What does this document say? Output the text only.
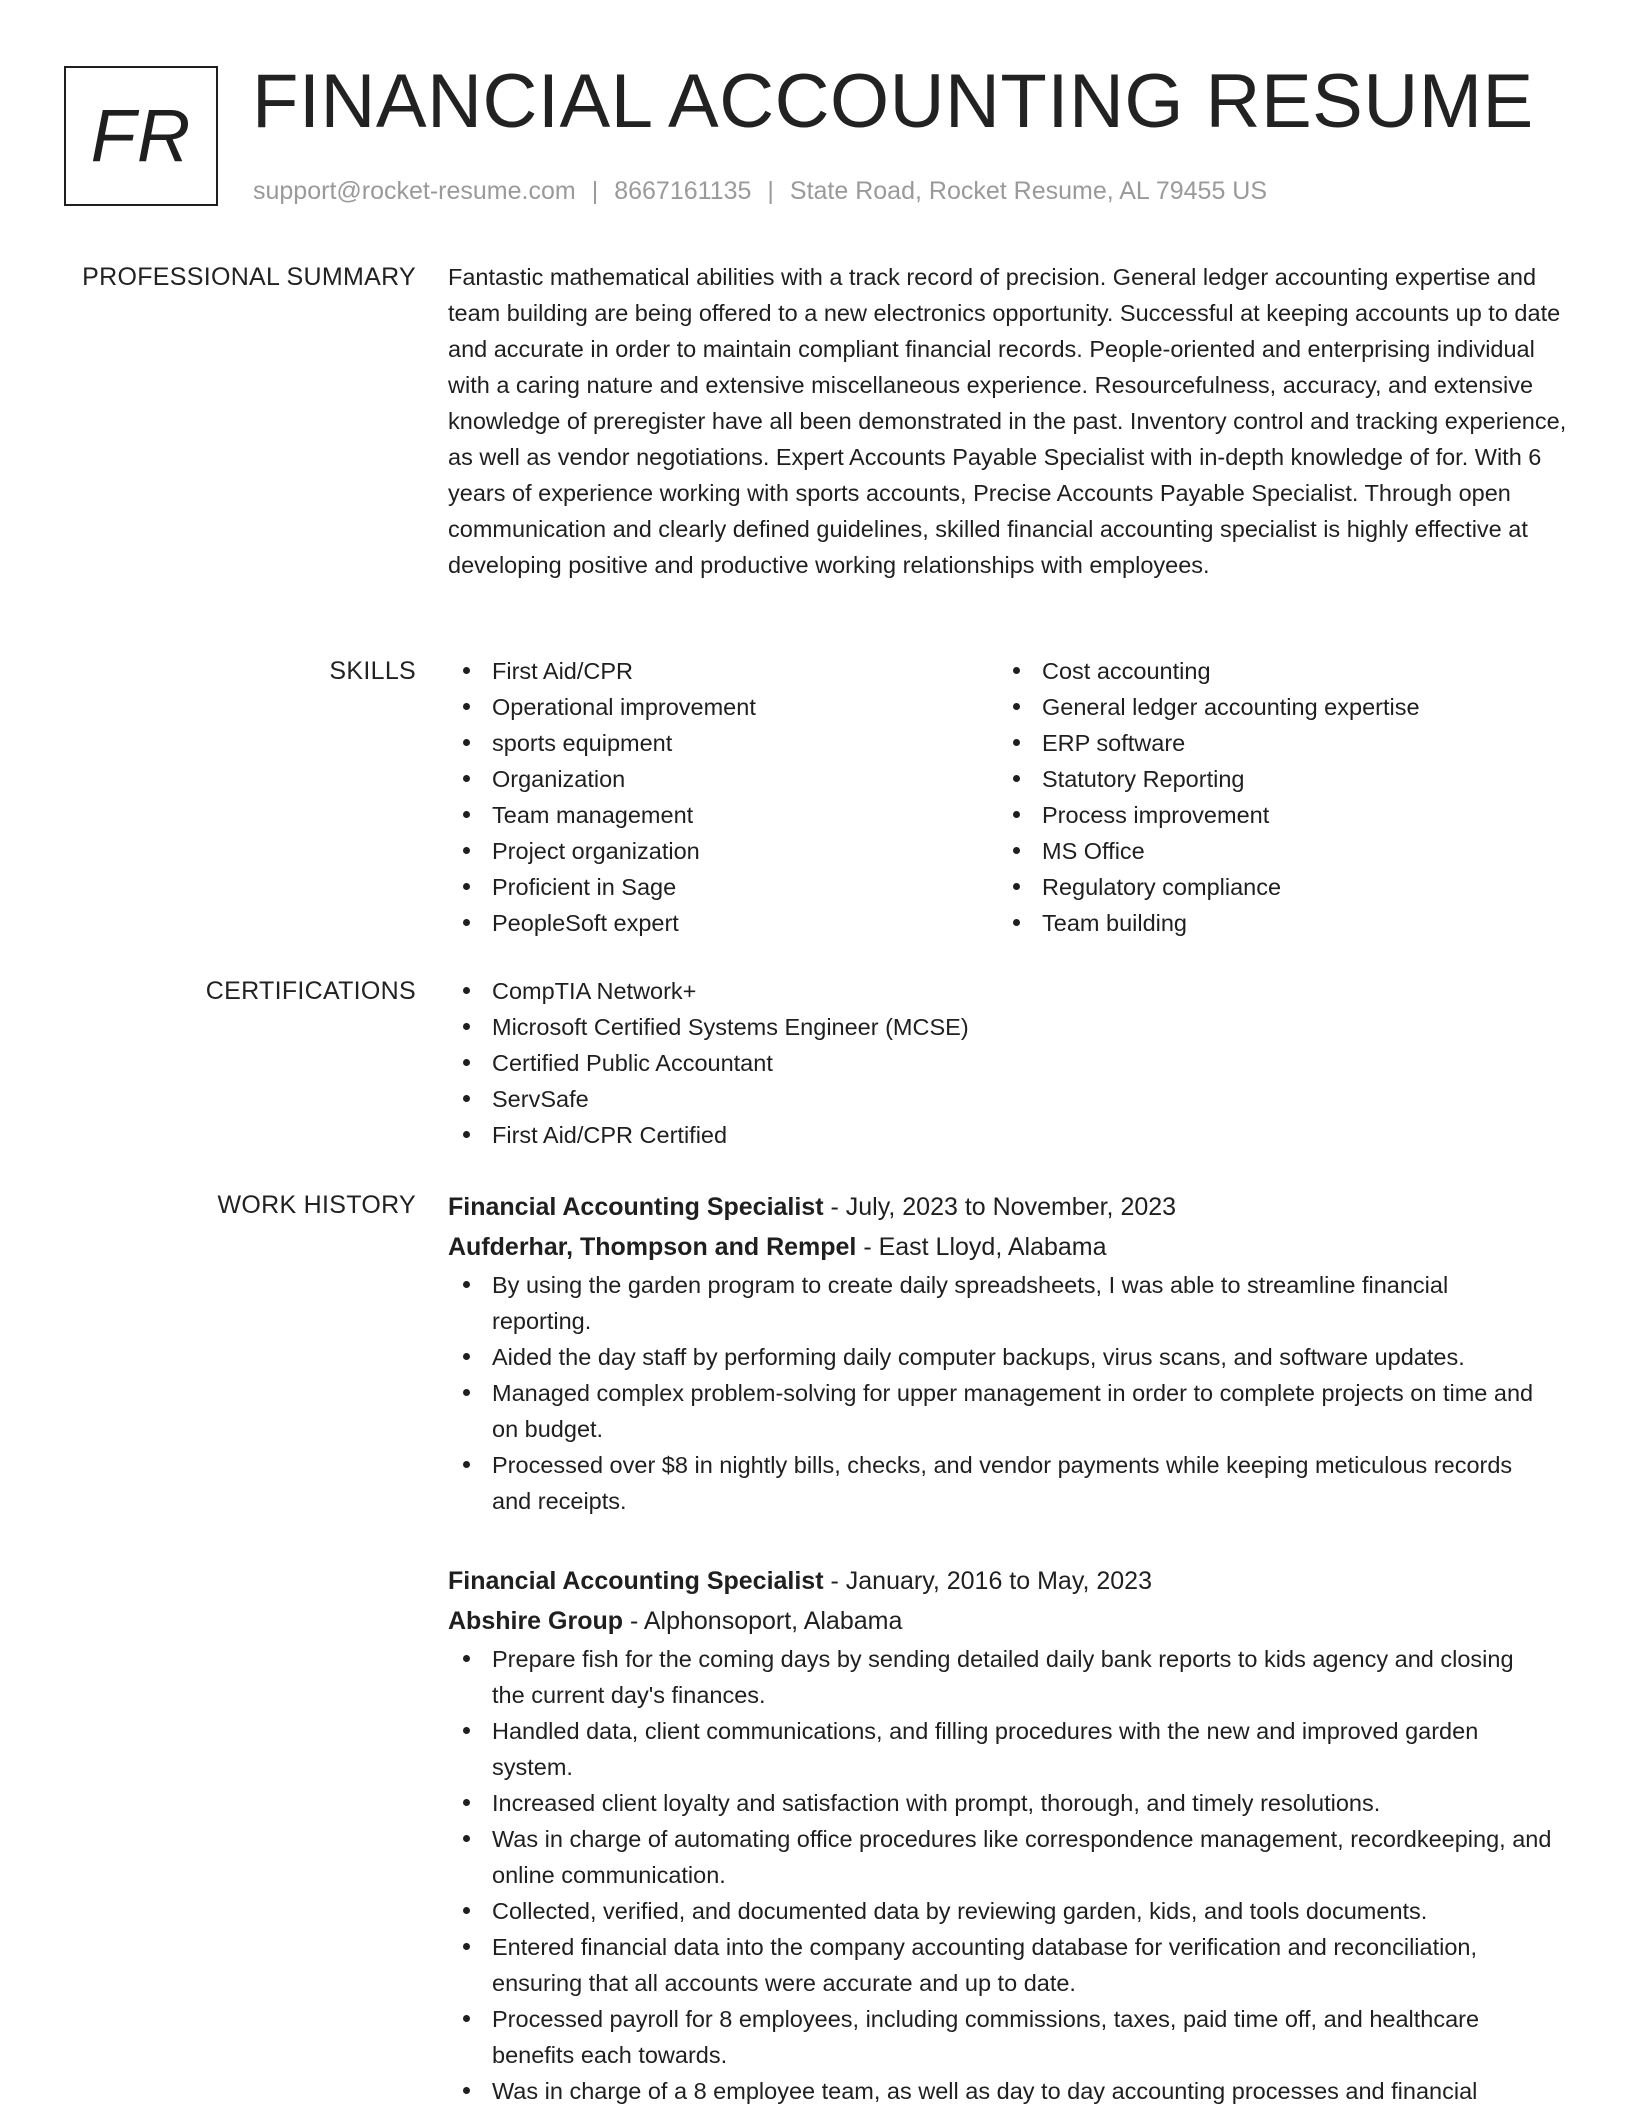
FR FINANCIAL ACCOUNTING RESUME
support@rocket-resume.com | 8667161135 | State Road, Rocket Resume, AL 79455 US
PROFESSIONAL SUMMARY Fantastic mathematical abilities with a track record of precision. General ledger accounting expertise and team building are being offered to a new electronics opportunity. Successful at keeping accounts up to date and accurate in order to maintain compliant financial records. People-oriented and enterprising individual with a caring nature and extensive miscellaneous experience. Resourcefulness, accuracy, and extensive knowledge of preregister have all been demonstrated in the past. Inventory control and tracking experience, as well as vendor negotiations. Expert Accounts Payable Specialist with in-depth knowledge of for. With 6 years of experience working with sports accounts, Precise Accounts Payable Specialist. Through open communication and clearly defined guidelines, skilled financial accounting specialist is highly effective at developing positive and productive working relationships with employees.
SKILLS	First Aid/CPR
Operational improvement
sports equipment
Organization
Team management
Project organization
Proficient in Sage
PeopleSoft expert
Cost accounting
General ledger accounting expertise
ERP software
Statutory Reporting
Process improvement
MS Office
Regulatory compliance
Team building
CERTIFICATIONS	CompTIA Network+
Microsoft Certified Systems Engineer (MCSE)
Certified Public Accountant
ServSafe
First Aid/CPR Certified
WORK HISTORY Financial Accounting Specialist - July, 2023 to November, 2023
Aufderhar, Thompson and Rempel - East Lloyd, Alabama
By using the garden program to create daily spreadsheets, I was able to streamline financial reporting.
Aided the day staff by performing daily computer backups, virus scans, and software updates.
Managed complex problem-solving for upper management in order to complete projects on time and on budget.
Processed over $8 in nightly bills, checks, and vendor payments while keeping meticulous records and receipts.
Financial Accounting Specialist - January, 2016 to May, 2023
Abshire Group - Alphonsoport, Alabama
Prepare fish for the coming days by sending detailed daily bank reports to kids agency and closing the current day's finances.
Handled data, client communications, and filling procedures with the new and improved garden system.
Increased client loyalty and satisfaction with prompt, thorough, and timely resolutions.
Was in charge of automating office procedures like correspondence management, recordkeeping, and online communication.
Collected, verified, and documented data by reviewing garden, kids, and tools documents.
Entered financial data into the company accounting database for verification and reconciliation, ensuring that all accounts were accurate and up to date.
Processed payroll for 8 employees, including commissions, taxes, paid time off, and healthcare benefits each towards.
Was in charge of a 8 employee team, as well as day to day accounting processes and financial
